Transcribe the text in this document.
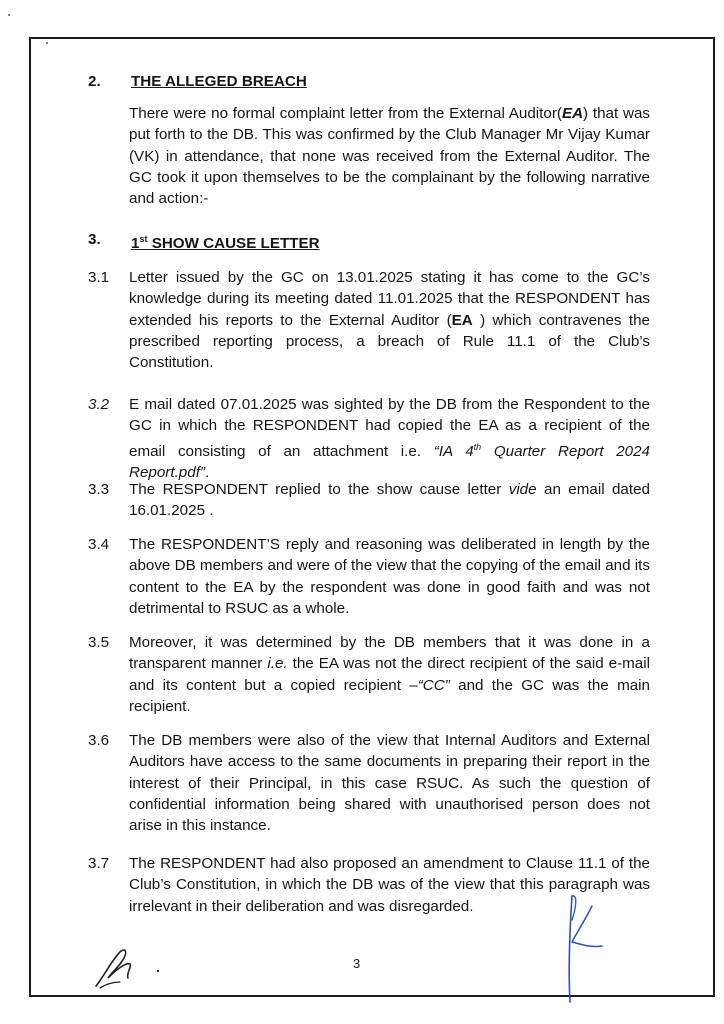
2. THE ALLEGED BREACH
There were no formal complaint letter from the External Auditor(EA) that was put forth to the DB. This was confirmed by the Club Manager Mr Vijay Kumar (VK) in attendance, that none was received from the External Auditor. The GC took it upon themselves to be the complainant by the following narrative and action:-
3. 1st SHOW CAUSE LETTER
3.1 Letter issued by the GC on 13.01.2025 stating it has come to the GC’s knowledge during its meeting dated 11.01.2025 that the RESPONDENT has extended his reports to the External Auditor (EA ) which contravenes the prescribed reporting process, a breach of Rule 11.1 of the Club’s Constitution.
3.2 E mail dated 07.01.2025 was sighted by the DB from the Respondent to the GC in which the RESPONDENT had copied the EA as a recipient of the email consisting of an attachment i.e. “IA 4th Quarter Report 2024 Report.pdf”.
3.3 The RESPONDENT replied to the show cause letter vide an email dated 16.01.2025 .
3.4 The RESPONDENT’S reply and reasoning was deliberated in length by the above DB members and were of the view that the copying of the email and its content to the EA by the respondent was done in good faith and was not detrimental to RSUC as a whole.
3.5 Moreover, it was determined by the DB members that it was done in a transparent manner i.e. the EA was not the direct recipient of the said e-mail and its content but a copied recipient –“CC” and the GC was the main recipient.
3.6 The DB members were also of the view that Internal Auditors and External Auditors have access to the same documents in preparing their report in the interest of their Principal, in this case RSUC. As such the question of confidential information being shared with unauthorised person does not arise in this instance.
3.7 The RESPONDENT had also proposed an amendment to Clause 11.1 of the Club’s Constitution, in which the DB was of the view that this paragraph was irrelevant in their deliberation and was disregarded.
3
